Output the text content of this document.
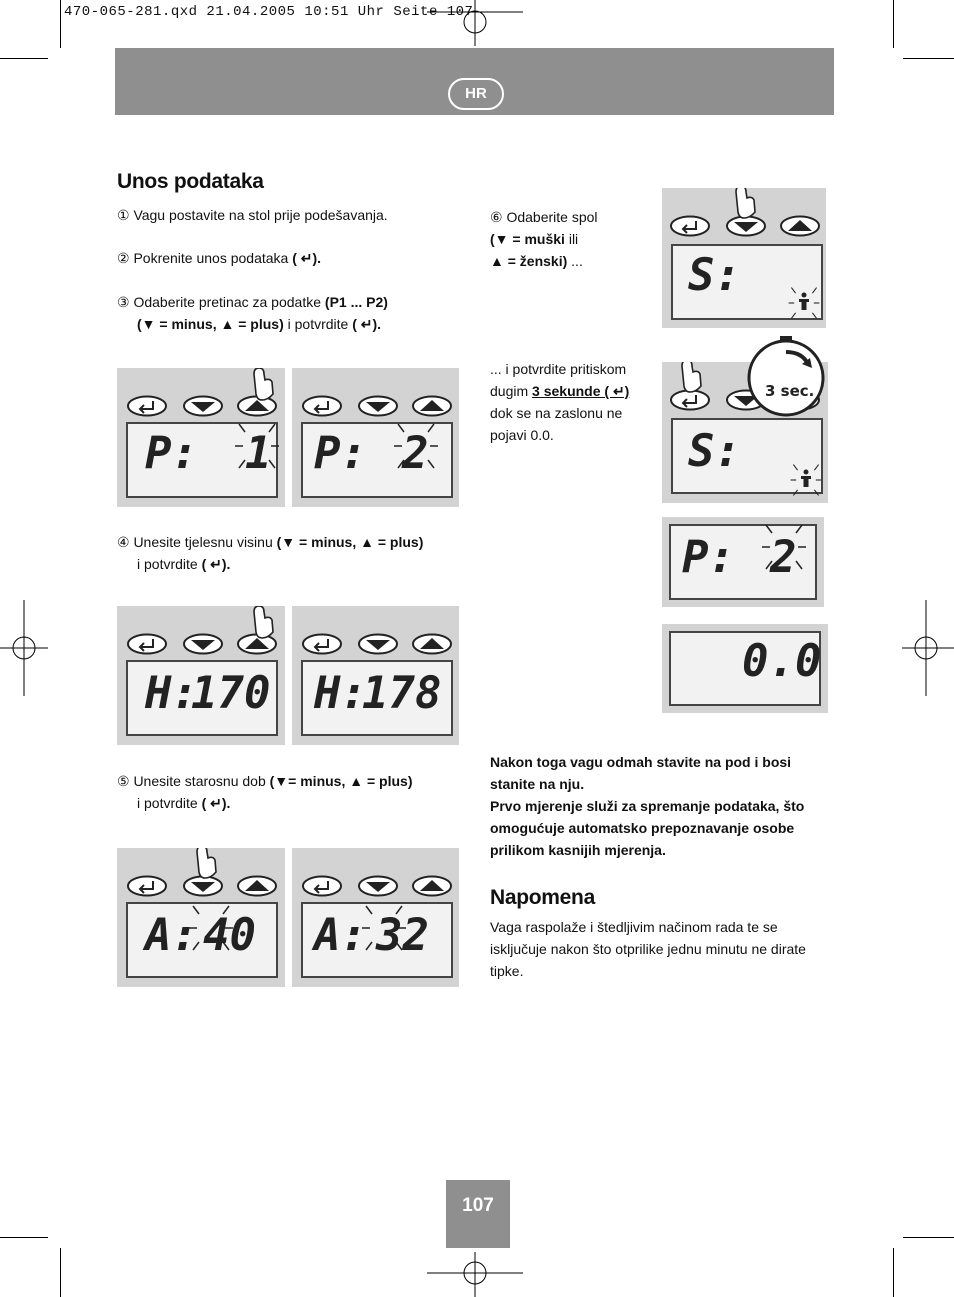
470-065-281.qxd 21.04.2005 10:51 Uhr Seite 107
HR
Unos podataka
① Vagu postavite na stol prije podešavanja.
② Pokrenite unos podataka ( ↵).
③ Odaberite pretinac za podatke (P1 ... P2)
(▼ = minus, ▲ = plus) i potvrdite ( ↵).
④ Unesite tjelesnu visinu (▼ = minus, ▲ = plus)
i potvrdite ( ↵).
⑤ Unesite starosnu dob (▼= minus, ▲ = plus)
i potvrdite ( ↵).
P: 1 P: 2
H:
170 H:
178
A: 40 A: 32
⑥ Odaberite spol
(▼ = muški ili
▲ = ženski) ...
... i potvrdite pritiskom
dugim 3 sekunde ( ↵)
dok se na zaslonu ne
pojavi 0.0.
S:
S:
3 sec.
P: 2
0.0
Nakon toga vagu odmah stavite na pod i bosi
stanite na nju.
Prvo mjerenje služi za spremanje podataka, što
omogućuje automatsko prepoznavanje osobe
prilikom kasnijih mjerenja.
Napomena
Vaga raspolaže i štedljivim načinom rada te se
isključuje nakon što otprilike jednu minutu ne dirate
tipke.
107
